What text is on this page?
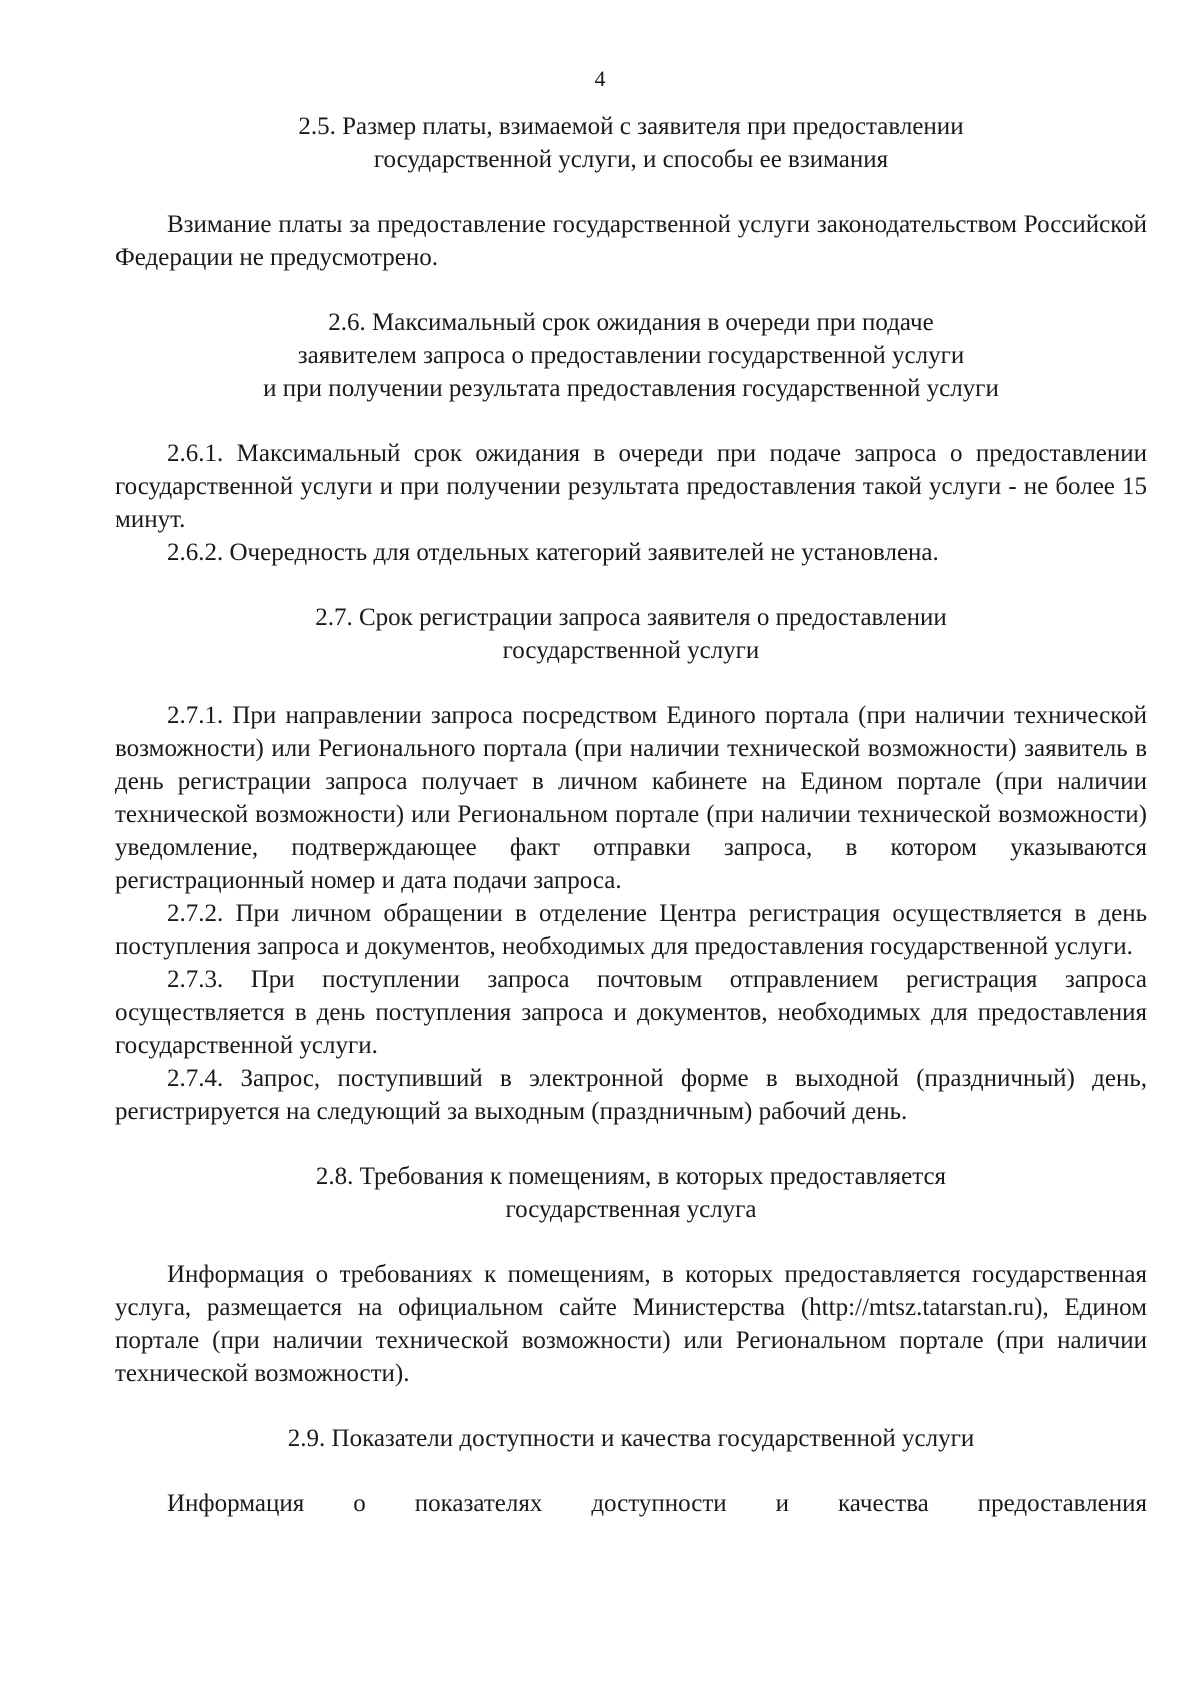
4
2.5. Размер платы, взимаемой с заявителя при предоставлении
государственной услуги, и способы ее взимания

Взимание платы за предоставление государственной услуги законодательством Российской Федерации не предусмотрено.

2.6. Максимальный срок ожидания в очереди при подаче
заявителем запроса о предоставлении государственной услуги
и при получении результата предоставления государственной услуги

2.6.1. Максимальный срок ожидания в очереди при подаче запроса о предоставлении государственной услуги и при получении результата предоставления такой услуги - не более 15 минут.

2.6.2. Очередность для отдельных категорий заявителей не установлена.

2.7. Срок регистрации запроса заявителя о предоставлении
государственной услуги

2.7.1. При направлении запроса посредством Единого портала (при наличии технической возможности) или Регионального портала (при наличии технической возможности) заявитель в день регистрации запроса получает в личном кабинете на Едином портале (при наличии технической возможности) или Региональном портале (при наличии технической возможности) уведомление, подтверждающее факт отправки запроса, в котором указываются регистрационный номер и дата подачи запроса.

2.7.2. При личном обращении в отделение Центра регистрация осуществляется в день поступления запроса и документов, необходимых для предоставления государственной услуги.

2.7.3. При поступлении запроса почтовым отправлением регистрация запроса осуществляется в день поступления запроса и документов, необходимых для предоставления государственной услуги.

2.7.4. Запрос, поступивший в электронной форме в выходной (праздничный) день, регистрируется на следующий за выходным (праздничным) рабочий день.

2.8. Требования к помещениям, в которых предоставляется
государственная услуга

Информация о требованиях к помещениям, в которых предоставляется государственная услуга, размещается на официальном сайте Министерства (http://mtsz.tatarstan.ru), Едином портале (при наличии технической возможности) или Региональном портале (при наличии технической возможности).

2.9. Показатели доступности и качества государственной услуги

Информация о показателях доступности и качества предоставления
